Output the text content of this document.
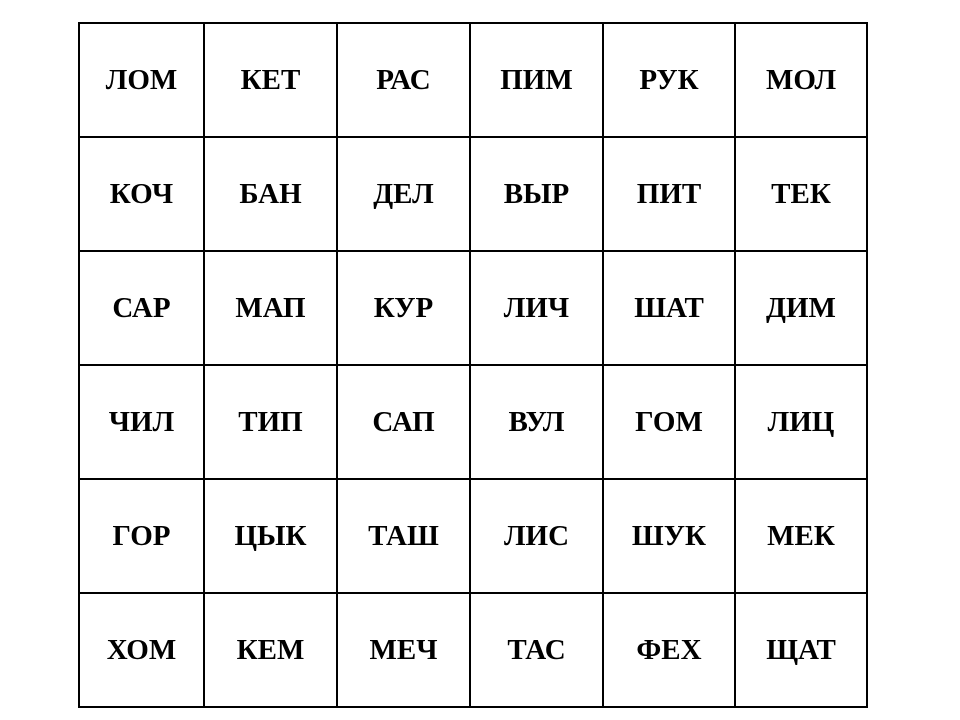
ЛОМ	КЕТ	РАС	ПИМ	РУК	МОЛ
КОЧ	БАН	ДЕЛ	ВЫР	ПИТ	ТЕК
САР	МАП	КУР	ЛИЧ	ШАТ	ДИМ
ЧИЛ	ТИП	САП	ВУЛ	ГОМ	ЛИЦ
ГОР	ЦЫК	ТАШ	ЛИС	ШУК	МЕК
ХОМ	КЕМ	МЕЧ	ТАС	ФЕХ	ЩАТ
